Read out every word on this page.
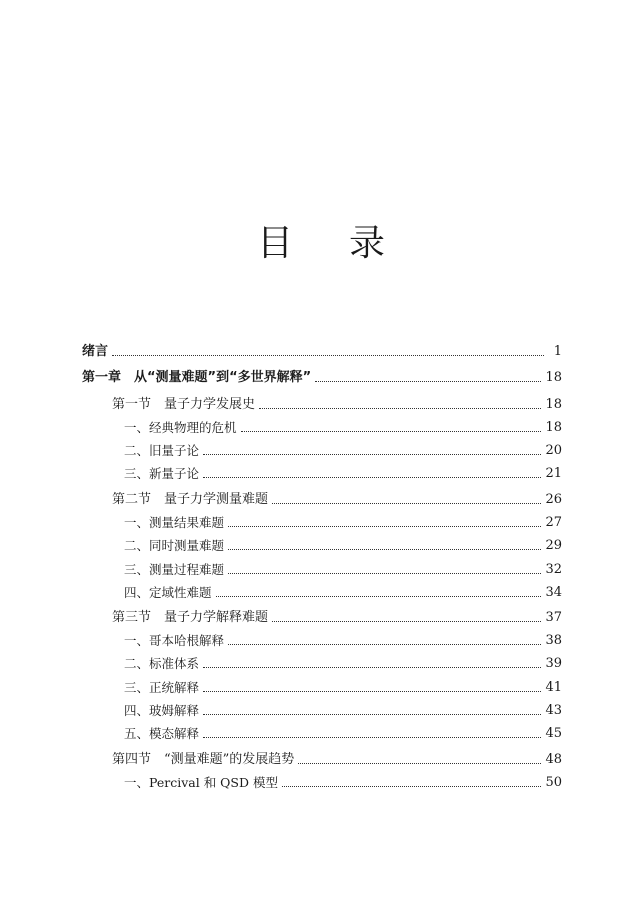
目 录
绪言	1
第一章　从“测量难题”到“多世界解释”	18
第一节　量子力学发展史	18
一、经典物理的危机	18
二、旧量子论	20
三、新量子论	21
第二节　量子力学测量难题	26
一、测量结果难题	27
二、同时测量难题	29
三、测量过程难题	32
四、定域性难题	34
第三节　量子力学解释难题	37
一、哥本哈根解释	38
二、标准体系	39
三、正统解释	41
四、玻姆解释	43
五、模态解释	45
第四节　“测量难题”的发展趋势	48
一、Percival 和 QSD 模型	50
